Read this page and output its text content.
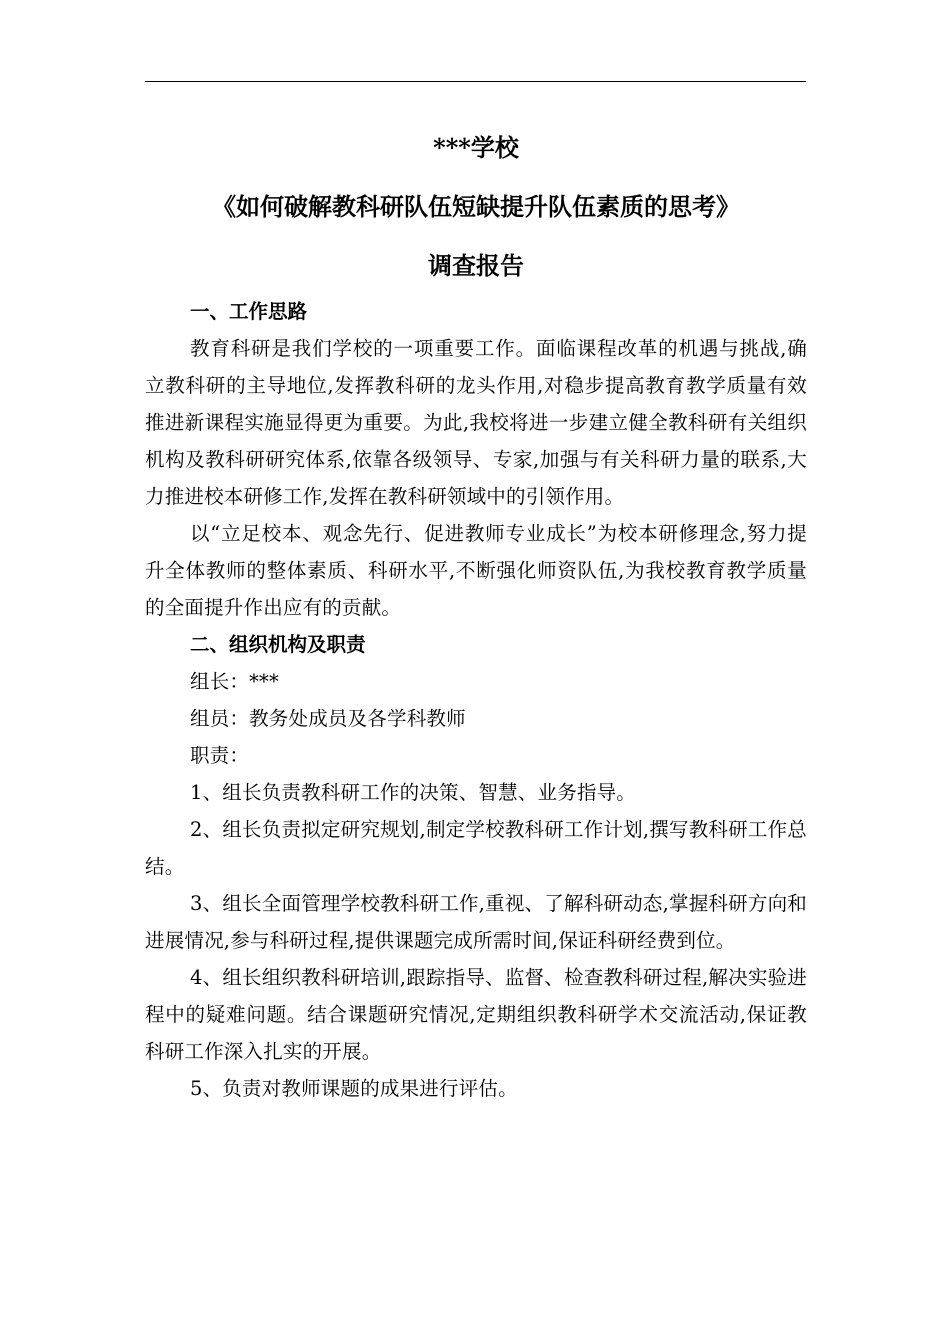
***学校
《如何破解教科研队伍短缺提升队伍素质的思考》
调查报告

一、工作思路

教育科研是我们学校的一项重要工作。面临课程改革的机遇与挑战,确立教科研的主导地位,发挥教科研的龙头作用,对稳步提高教育教学质量有效推进新课程实施显得更为重要。为此,我校将进一步建立健全教科研有关组织机构及教科研研究体系,依靠各级领导、专家,加强与有关科研力量的联系,大力推进校本研修工作,发挥在教科研领域中的引领作用。

以“立足校本、观念先行、促进教师专业成长”为校本研修理念,努力提升全体教师的整体素质、科研水平,不断强化师资队伍,为我校教育教学质量的全面提升作出应有的贡献。

二、组织机构及职责

组长：***

组员：教务处成员及各学科教师

职责：

1、组长负责教科研工作的决策、智慧、业务指导。

2、组长负责拟定研究规划,制定学校教科研工作计划,撰写教科研工作总结。

3、组长全面管理学校教科研工作,重视、了解科研动态,掌握科研方向和进展情况,参与科研过程,提供课题完成所需时间,保证科研经费到位。

4、组长组织教科研培训,跟踪指导、监督、检查教科研过程,解决实验进程中的疑难问题。结合课题研究情况,定期组织教科研学术交流活动,保证教科研工作深入扎实的开展。

5、负责对教师课题的成果进行评估。
